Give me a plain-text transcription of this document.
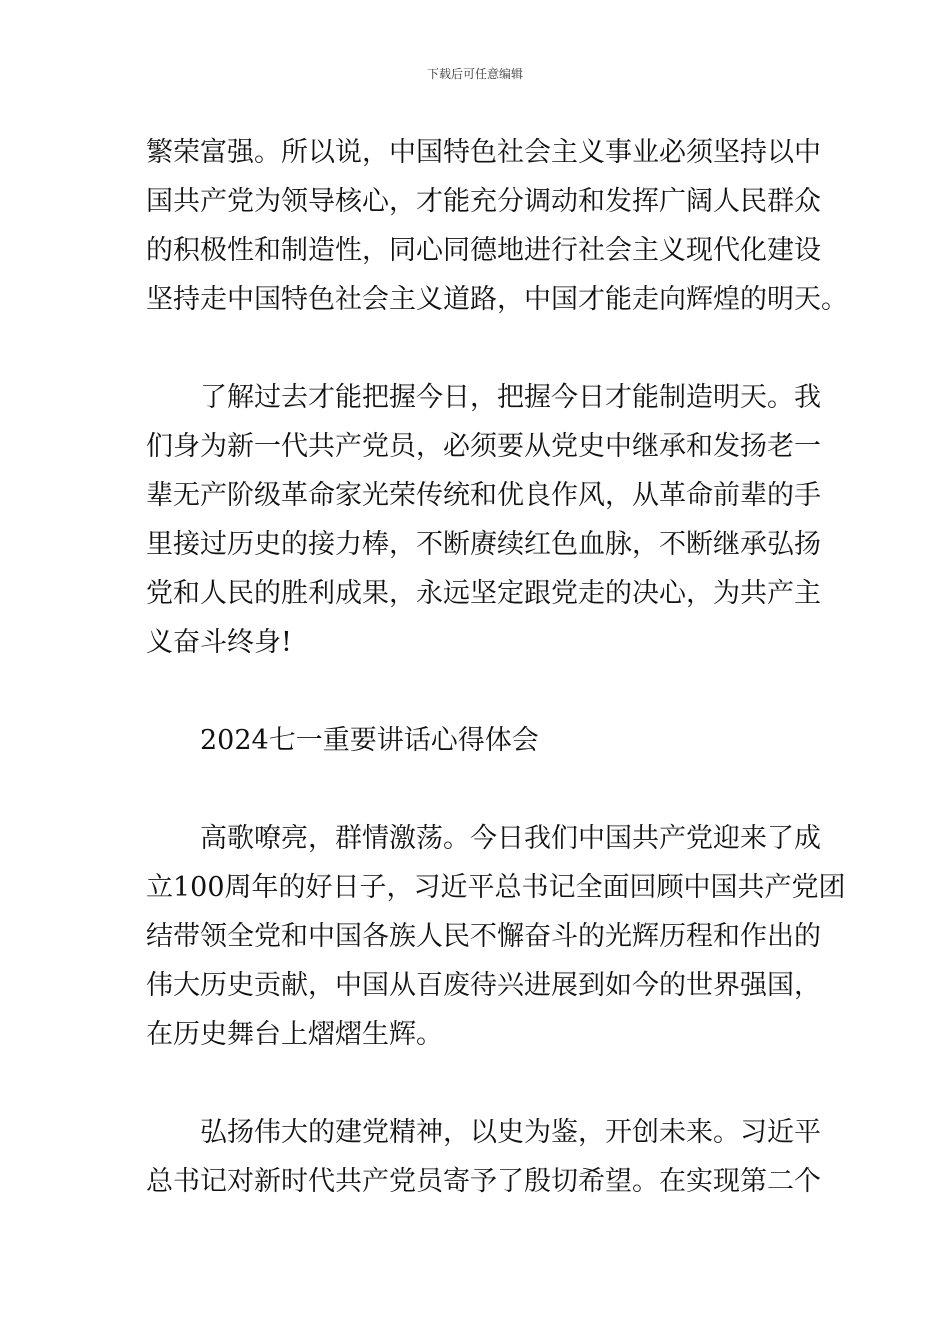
下载后可任意编辑
繁荣富强。所以说，中国特色社会主义事业必须坚持以中
国共产党为领导核心，才能充分调动和发挥广阔人民群众
的积极性和制造性，同心同德地进行社会主义现代化建设
坚持走中国特色社会主义道路，中国才能走向辉煌的明天。
了解过去才能把握今日，把握今日才能制造明天。我
们身为新一代共产党员，必须要从党史中继承和发扬老一
辈无产阶级革命家光荣传统和优良作风，从革命前辈的手
里接过历史的接力棒，不断赓续红色血脉，不断继承弘扬
党和人民的胜利成果，永远坚定跟党走的决心，为共产主
义奋斗终身!
2024七一重要讲话心得体会
高歌嘹亮，群情激荡。今日我们中国共产党迎来了成
立100周年的好日子，习近平总书记全面回顾中国共产党团
结带领全党和中国各族人民不懈奋斗的光辉历程和作出的
伟大历史贡献，中国从百废待兴进展到如今的世界强国，
在历史舞台上熠熠生辉。
弘扬伟大的建党精神，以史为鉴，开创未来。习近平
总书记对新时代共产党员寄予了殷切希望。在实现第二个
